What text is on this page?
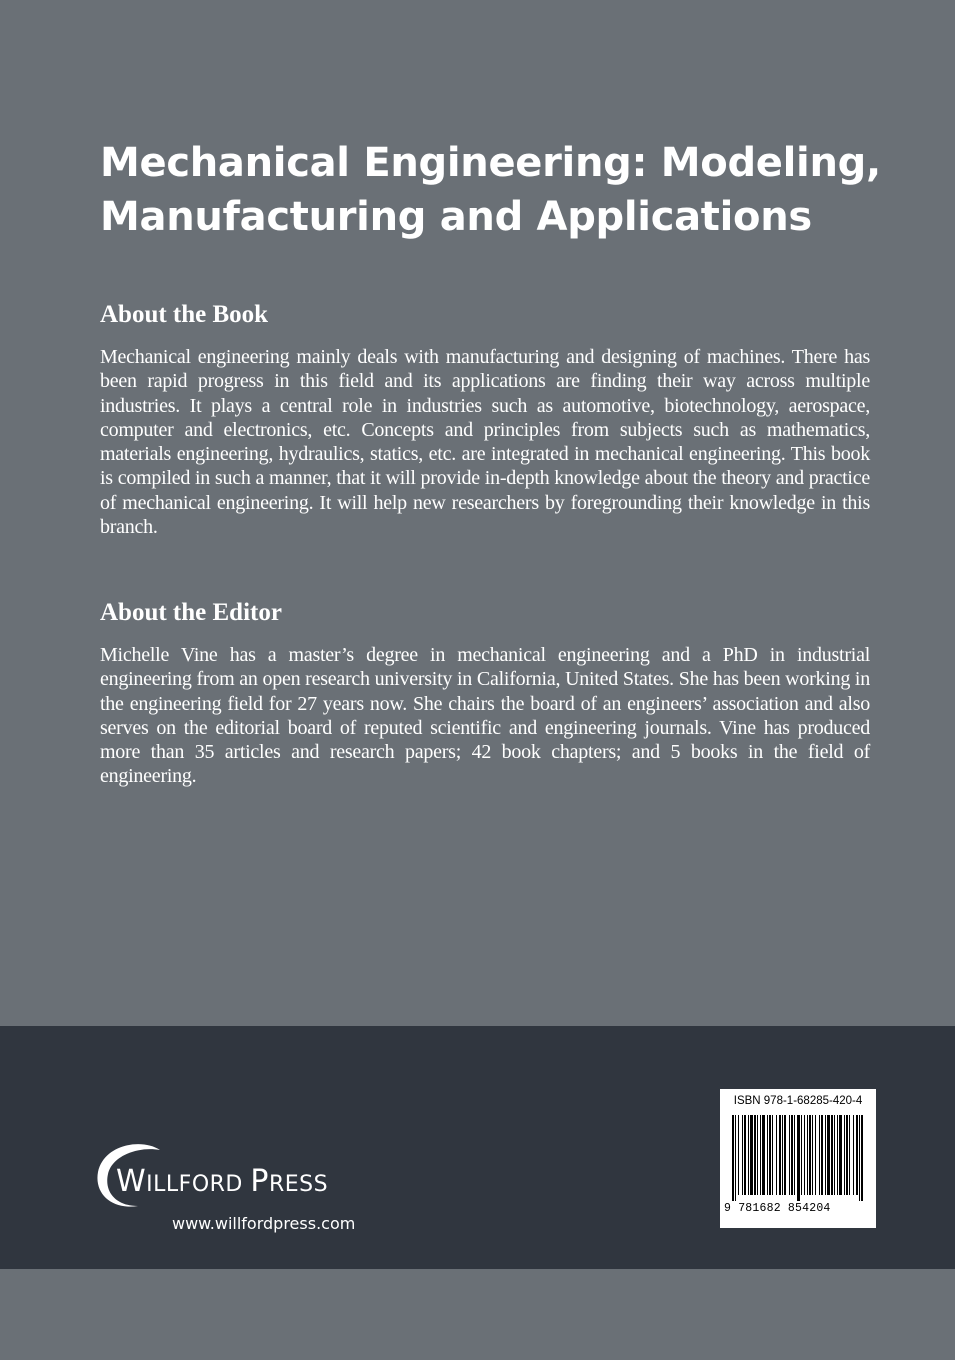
Mechanical Engineering: Modeling,
Manufacturing and Applications
About the Book

Mechanical engineering mainly deals with manufacturing and designing of machines. There has been rapid progress in this field and its applications are finding their way across multiple industries. It plays a central role in industries such as automotive, biotechnology, aerospace, computer and electronics, etc. Concepts and principles from subjects such as mathematics, materials engineering, hydraulics, statics, etc. are integrated in mechanical engineering. This book is compiled in such a manner, that it will provide in-depth knowledge about the theory and practice of mechanical engineering. It will help new researchers by foregrounding their knowledge in this branch.

About the Editor

Michelle Vine has a master’s degree in mechanical engineering and a PhD in industrial engineering from an open research university in California, United States. She has been working in the engineering field for 27 years now. She chairs the board of an engineers’ association and also serves on the editorial board of reputed scientific and engineering journals. Vine has produced more than 35 articles and research papers; 42 book chapters; and 5 books in the field of engineering.

WILLFORD PRESS
www.willfordpress.com
ISBN 978-1-68285-420-4
9 781682 854204
